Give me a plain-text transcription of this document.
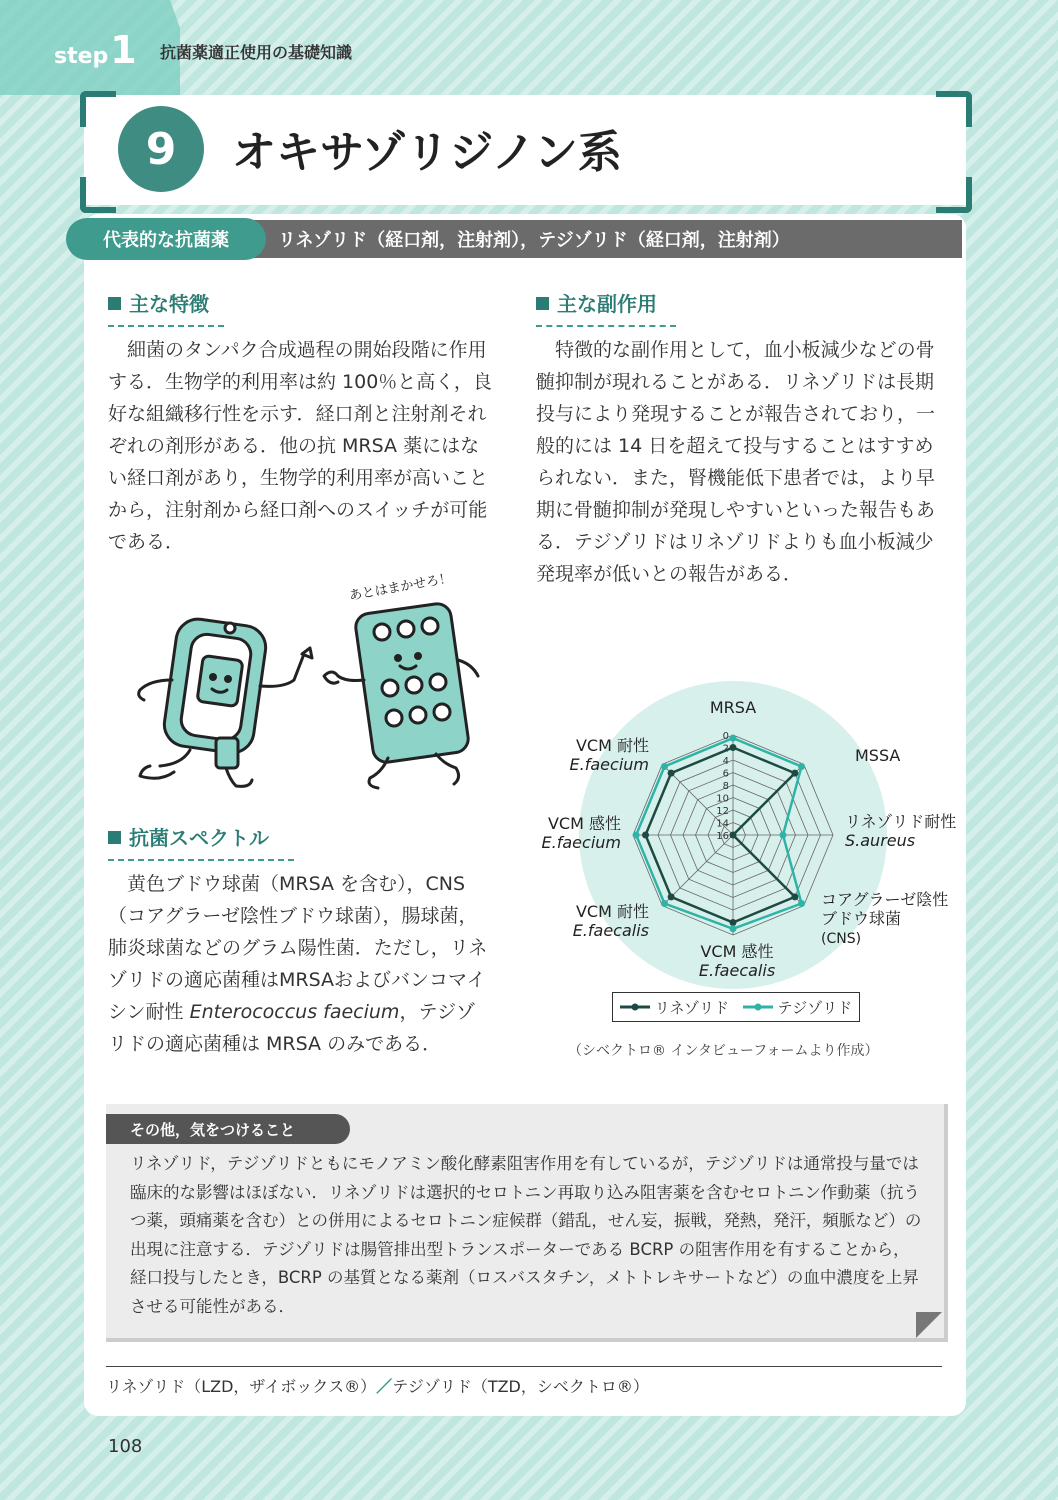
step 1 抗菌薬適正使用の基礎知識
9	オキサゾリジノン系
リネゾリド（経口剤，注射剤），テジゾリド（経口剤，注射剤）
代表的な抗菌薬
主な特徴

細菌のタンパク合成過程の開始段階に作用する．生物学的利用率は約 100％と高く，良好な組織移行性を示す．経口剤と注射剤それぞれの剤形がある．他の抗 MRSA 薬にはない経口剤があり，生物学的利用率が高いことから，注射剤から経口剤へのスイッチが可能である．

主な副作用

特徴的な副作用として，血小板減少などの骨髄抑制が現れることがある．リネゾリドは長期投与により発現することが報告されており，一般的には 14 日を超えて投与することはすすめられない．また，腎機能低下患者では，より早期に骨髄抑制が発現しやすいといった報告もある．テジゾリドはリネゾリドよりも血小板減少発現率が低いとの報告がある．

あとはまかせろ！
抗菌スペクトル

黄色ブドウ球菌（MRSA を含む），CNS（コアグラーゼ陰性ブドウ球菌），腸球菌，肺炎球菌などのグラム陽性菌．ただし，リネゾリドの適応菌種はMRSAおよびバンコマイシン耐性 Enterococcus faecium，テジゾリドの適応菌種は MRSA のみである．

0
2
4
6
8
10
12
14
16
MRSA
MSSA
リネゾリド耐性
S.aureus
コアグラーゼ陰性
ブドウ球菌
(CNS)
VCM 感性
E.faecalis
VCM 耐性
E.faecalis
VCM 感性
E.faecium
VCM 耐性
E.faecium
リネゾリド	テジゾリド
（シベクトロ® インタビューフォームより作成）
その他，気をつけること

リネゾリド，テジゾリドともにモノアミン酸化酵素阻害作用を有しているが，テジゾリドは通常投与量では臨床的な影響はほぼない．リネゾリドは選択的セロトニン再取り込み阻害薬を含むセロトニン作動薬（抗うつ薬，頭痛薬を含む）との併用によるセロトニン症候群（錯乱，せん妄，振戦，発熱，発汗，頻脈など）の出現に注意する．テジゾリドは腸管排出型トランスポーターである BCRP の阻害作用を有することから，経口投与したとき，BCRP の基質となる薬剤（ロスバスタチン，メトトレキサートなど）の血中濃度を上昇させる可能性がある．

リネゾリド（LZD，ザイボックス®）／テジゾリド（TZD，シベクトロ®）
108
